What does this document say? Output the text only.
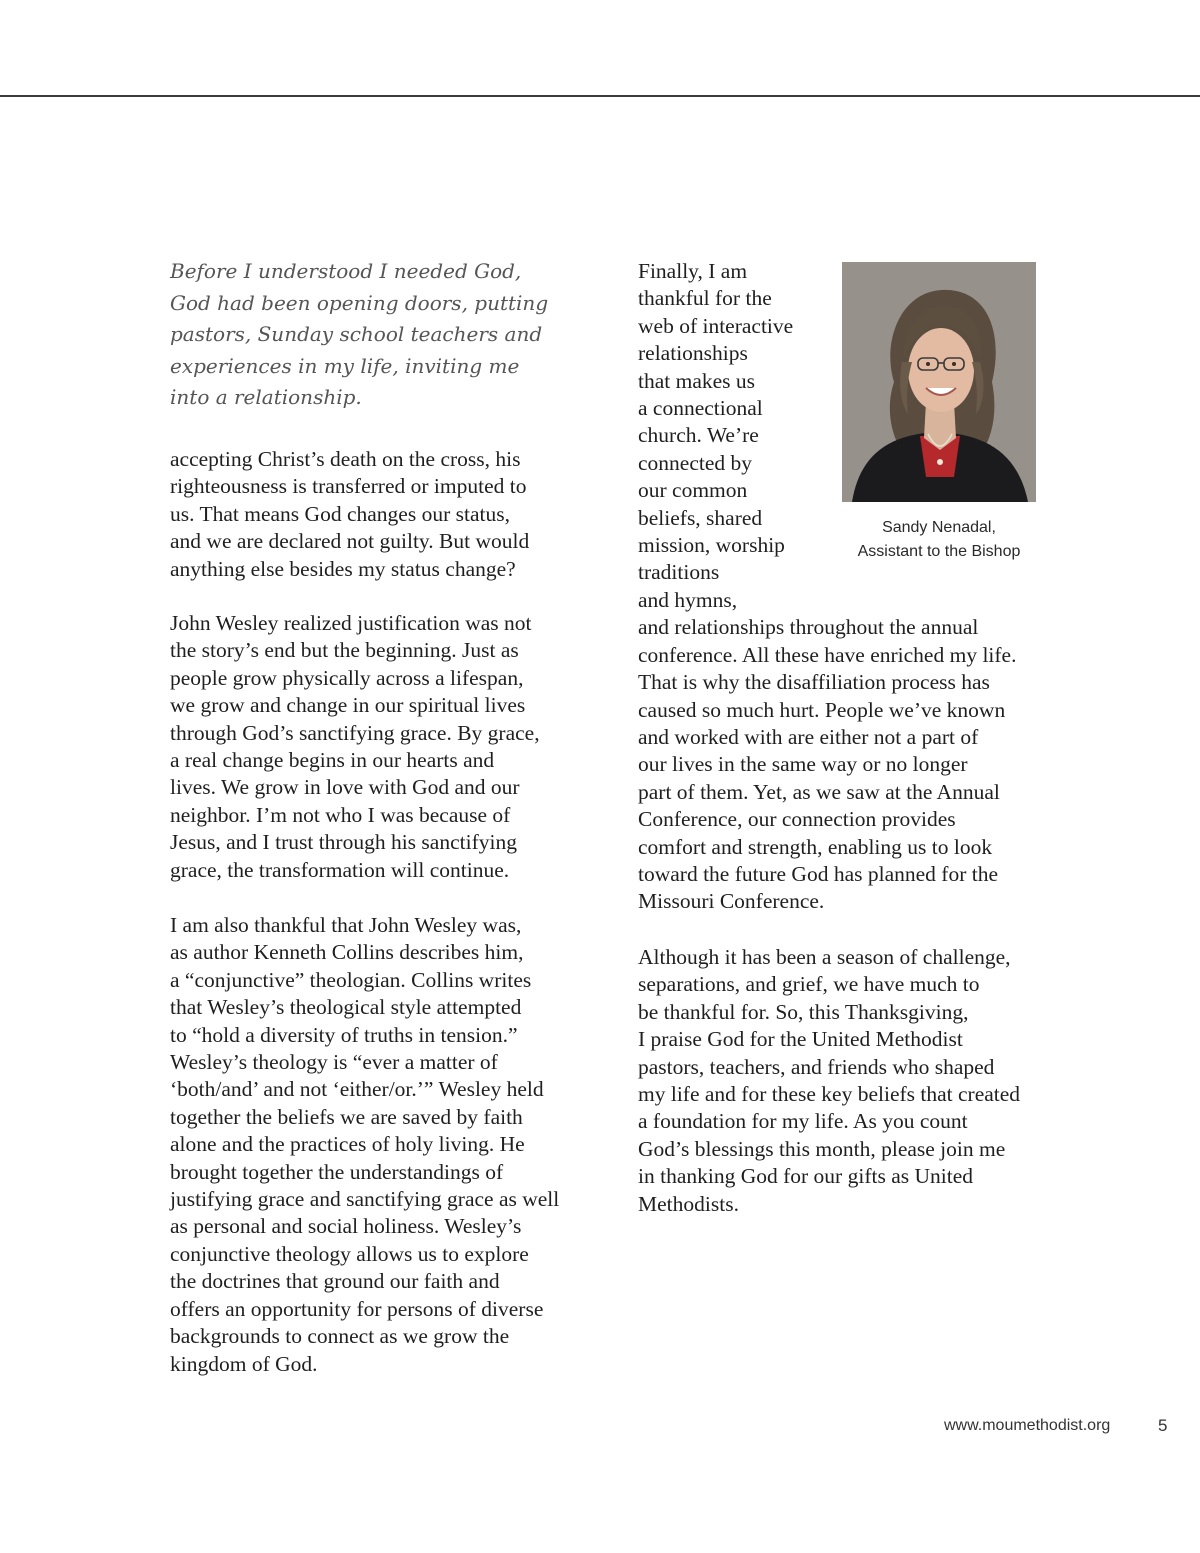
Before I understood I needed God,
God had been opening doors, putting
pastors, Sunday school teachers and
experiences in my life, inviting me
into a relationship.

accepting Christ’s death on the cross, his
righteousness is transferred or imputed to
us. That means God changes our status,
and we are declared not guilty. But would
anything else besides my status change?

John Wesley realized justification was not
the story’s end but the beginning. Just as
people grow physically across a lifespan,
we grow and change in our spiritual lives
through God’s sanctifying grace. By grace,
a real change begins in our hearts and
lives. We grow in love with God and our
neighbor. I’m not who I was because of
Jesus, and I trust through his sanctifying
grace, the transformation will continue.

I am also thankful that John Wesley was,
as author Kenneth Collins describes him,
a “conjunctive” theologian. Collins writes
that Wesley’s theological style attempted
to “hold a diversity of truths in tension.”
Wesley’s theology is “ever a matter of
‘both/and’ and not ‘either/or.’” Wesley held
together the beliefs we are saved by faith
alone and the practices of holy living. He
brought together the understandings of
justifying grace and sanctifying grace as well
as personal and social holiness. Wesley’s
conjunctive theology allows us to explore
the doctrines that ground our faith and
offers an opportunity for persons of diverse
backgrounds to connect as we grow the
kingdom of God.

Finally, I am
thankful for the
web of interactive
relationships
that makes us
a connectional
church. We’re
connected by
our common
beliefs, shared
mission, worship
traditions
and hymns,
and relationships throughout the annual
conference. All these have enriched my life.
That is why the disaffiliation process has
caused so much hurt. People we’ve known
and worked with are either not a part of
our lives in the same way or no longer
part of them. Yet, as we saw at the Annual
Conference, our connection provides
comfort and strength, enabling us to look
toward the future God has planned for the
Missouri Conference.

Although it has been a season of challenge,
separations, and grief, we have much to
be thankful for. So, this Thanksgiving,
I praise God for the United Methodist
pastors, teachers, and friends who shaped
my life and for these key beliefs that created
a foundation for my life. As you count
God’s blessings this month, please join me
in thanking God for our gifts as United
Methodists.

Sandy Nenadal,
Assistant to the Bishop
www.moumethodist.org	5
